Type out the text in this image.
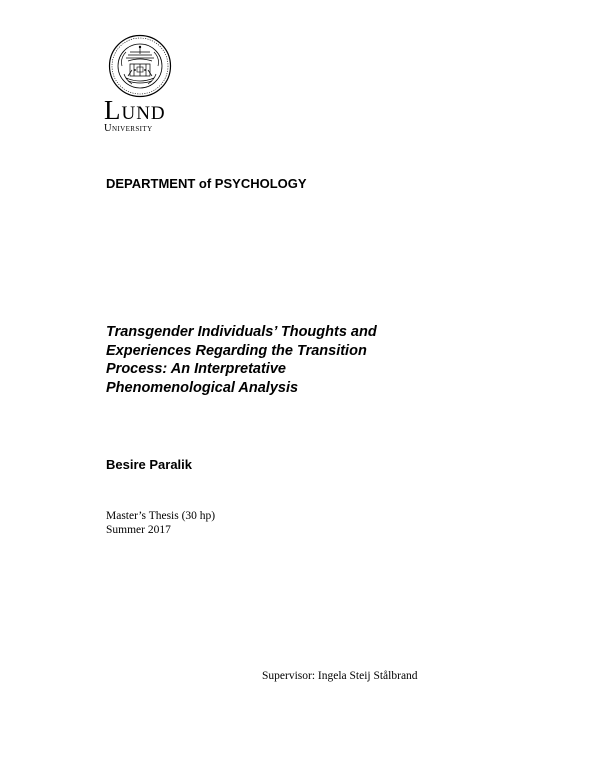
Lund
University

DEPARTMENT of PSYCHOLOGY

Transgender Individuals’ Thoughts and
Experiences Regarding the Transition
Process: An Interpretative
Phenomenological Analysis

Besire Paralik

Master’s Thesis (30 hp)
Summer 2017

Supervisor: Ingela Steij Stålbrand
